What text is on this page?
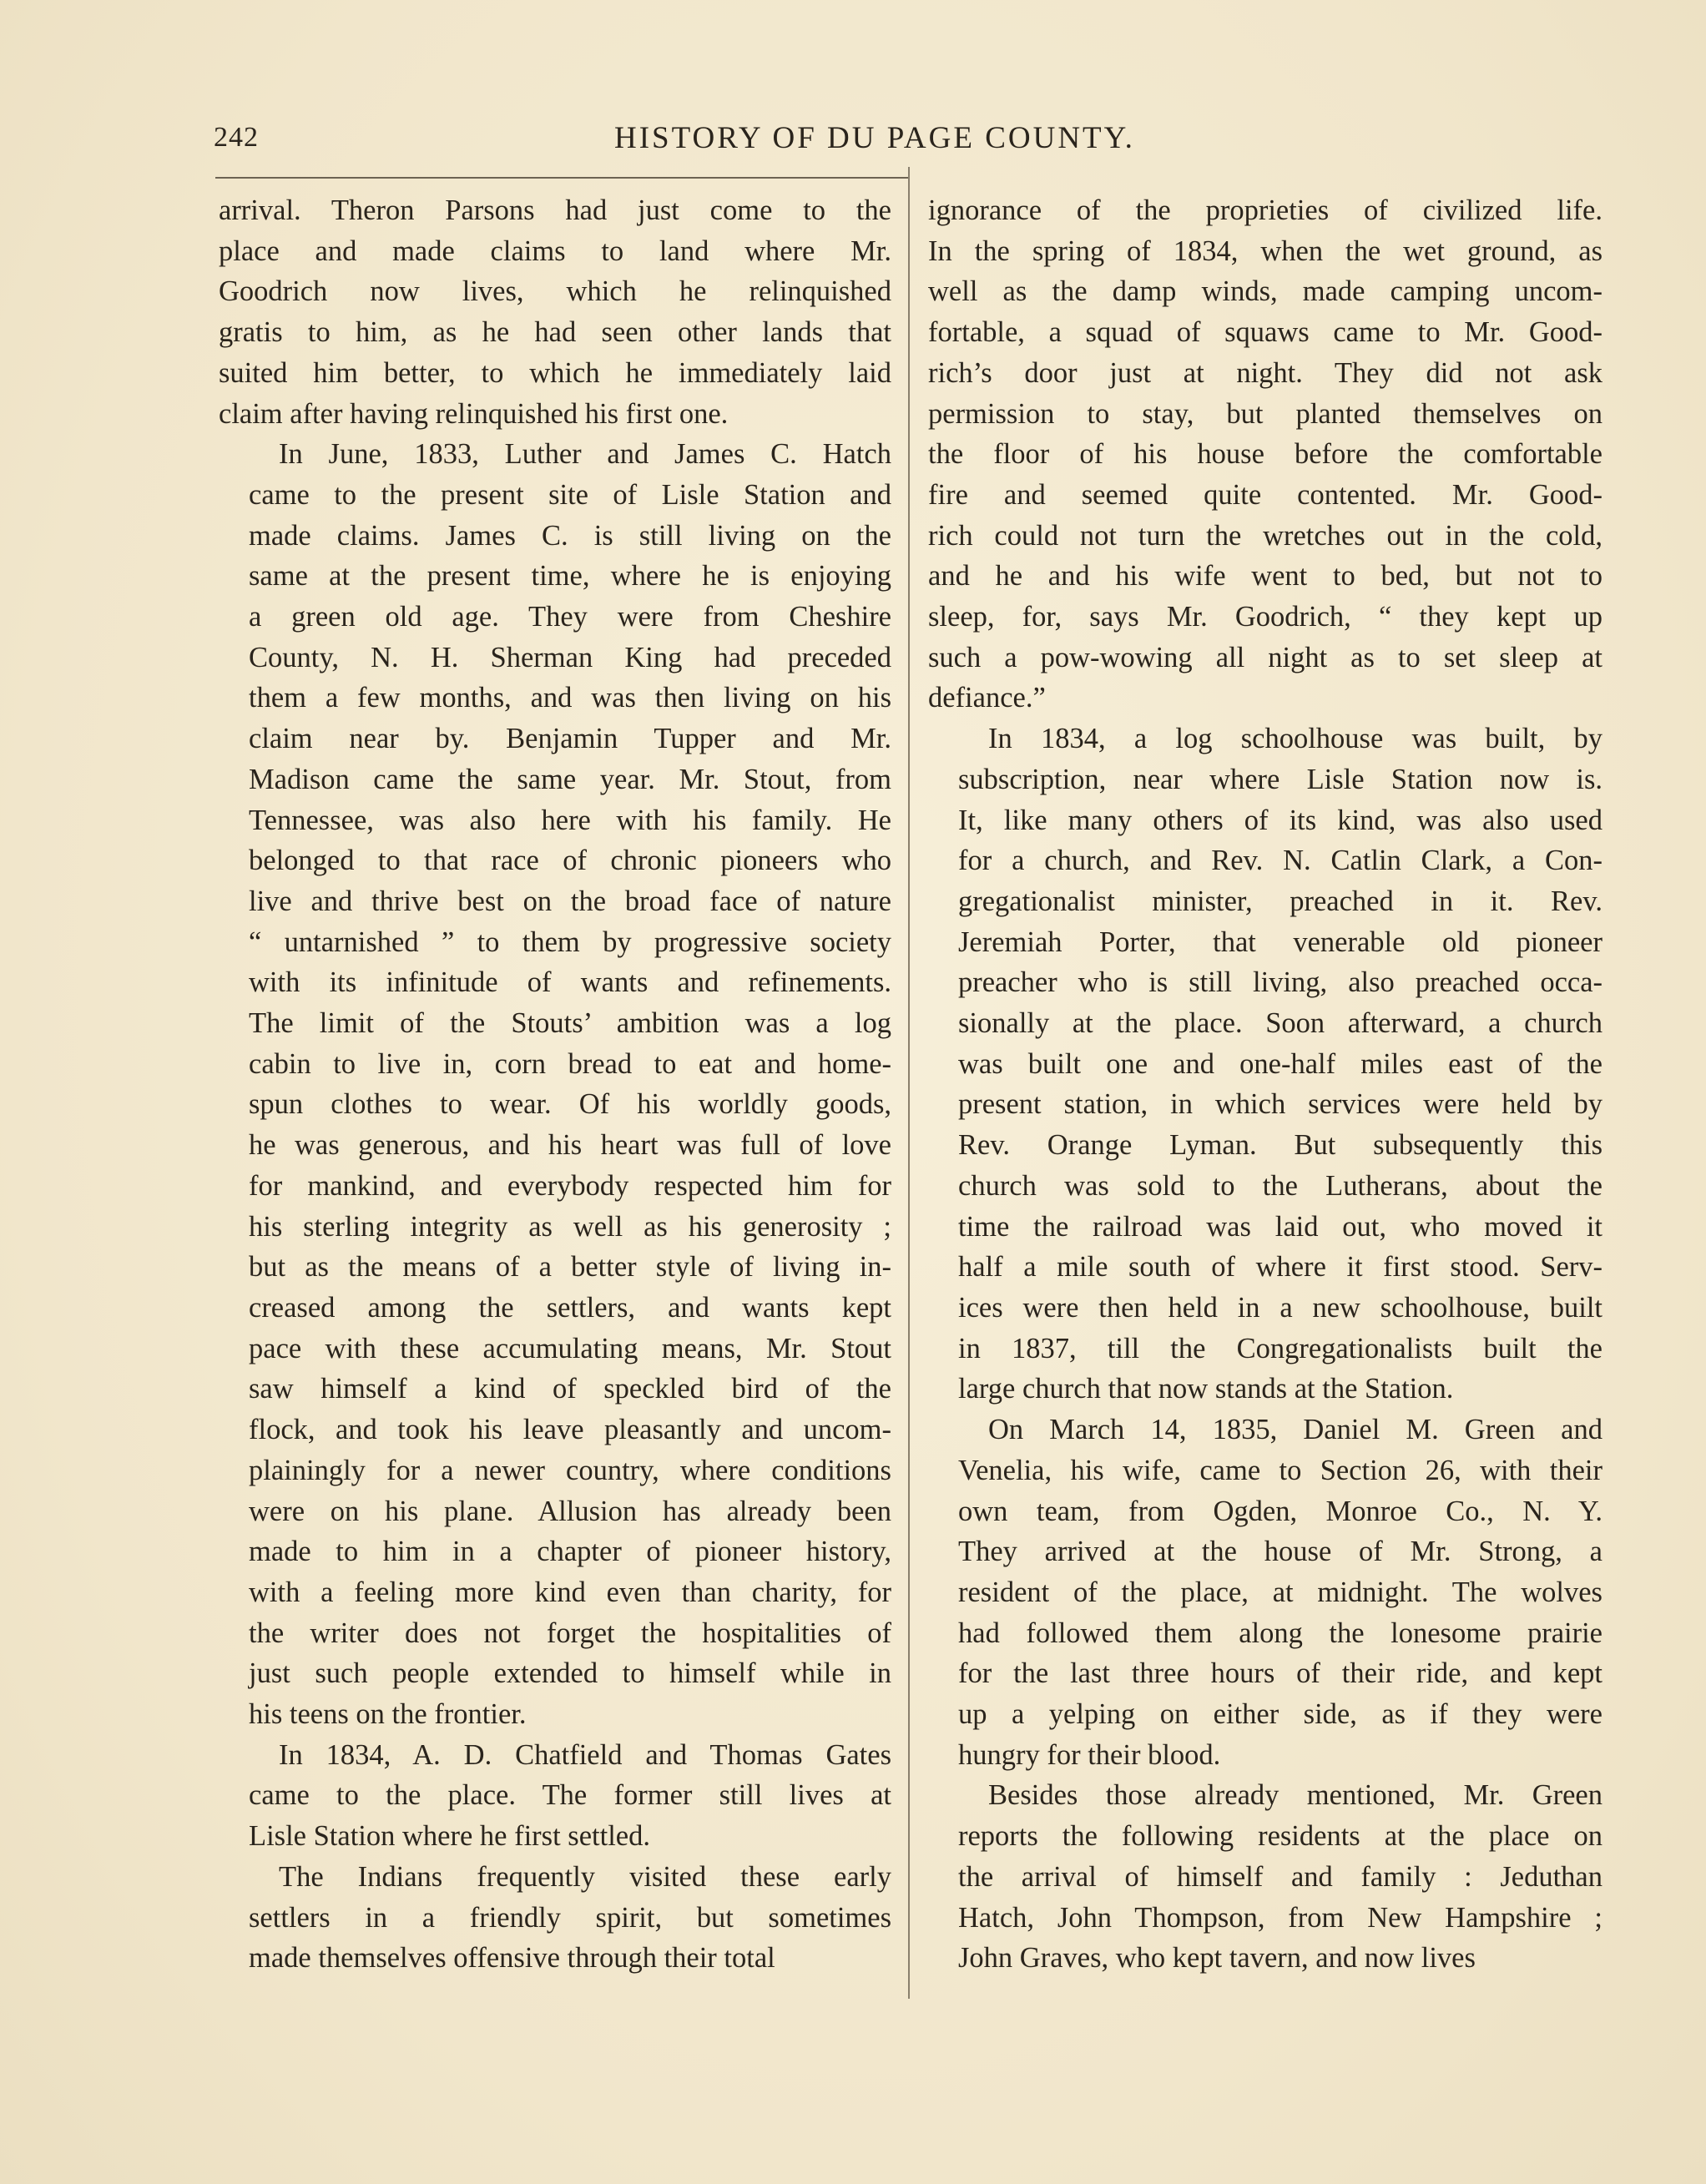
242	HISTORY OF DU PAGE COUNTY.
arrival. Theron Parsons had just come to the
place and made claims to land where Mr.
Goodrich now lives, which he relinquished
gratis to him, as he had seen other lands that
suited him better, to which he immediately laid
claim after having relinquished his first one.
In June, 1833, Luther and James C. Hatch
came to the present site of Lisle Station and
made claims. James C. is still living on the
same at the present time, where he is enjoying
a green old age. They were from Cheshire
County, N. H. Sherman King had preceded
them a few months, and was then living on his
claim near by. Benjamin Tupper and Mr.
Madison came the same year. Mr. Stout, from
Tennessee, was also here with his family. He
belonged to that race of chronic pioneers who
live and thrive best on the broad face of nature
“ untarnished ” to them by progressive society
with its infinitude of wants and refinements.
The limit of the Stouts’ ambition was a log
cabin to live in, corn bread to eat and home-
spun clothes to wear. Of his worldly goods,
he was generous, and his heart was full of love
for mankind, and everybody respected him for
his sterling integrity as well as his generosity ;
but as the means of a better style of living in-
creased among the settlers, and wants kept
pace with these accumulating means, Mr. Stout
saw himself a kind of speckled bird of the
flock, and took his leave pleasantly and uncom-
plainingly for a newer country, where conditions
were on his plane. Allusion has already been
made to him in a chapter of pioneer history,
with a feeling more kind even than charity, for
the writer does not forget the hospitalities of
just such people extended to himself while in
his teens on the frontier.
In 1834, A. D. Chatfield and Thomas Gates
came to the place. The former still lives at
Lisle Station where he first settled.
The Indians frequently visited these early
settlers in a friendly spirit, but sometimes
made themselves offensive through their total
ignorance of the proprieties of civilized life.
In the spring of 1834, when the wet ground, as
well as the damp winds, made camping uncom-
fortable, a squad of squaws came to Mr. Good-
rich’s door just at night. They did not ask
permission to stay, but planted themselves on
the floor of his house before the comfortable
fire and seemed quite contented. Mr. Good-
rich could not turn the wretches out in the cold,
and he and his wife went to bed, but not to
sleep, for, says Mr. Goodrich, “ they kept up
such a pow-wowing all night as to set sleep at
defiance.”
In 1834, a log schoolhouse was built, by
subscription, near where Lisle Station now is.
It, like many others of its kind, was also used
for a church, and Rev. N. Catlin Clark, a Con-
gregationalist minister, preached in it. Rev.
Jeremiah Porter, that venerable old pioneer
preacher who is still living, also preached occa-
sionally at the place. Soon afterward, a church
was built one and one-half miles east of the
present station, in which services were held by
Rev. Orange Lyman. But subsequently this
church was sold to the Lutherans, about the
time the railroad was laid out, who moved it
half a mile south of where it first stood. Serv-
ices were then held in a new schoolhouse, built
in 1837, till the Congregationalists built the
large church that now stands at the Station.
On March 14, 1835, Daniel M. Green and
Venelia, his wife, came to Section 26, with their
own team, from Ogden, Monroe Co., N. Y.
They arrived at the house of Mr. Strong, a
resident of the place, at midnight. The wolves
had followed them along the lonesome prairie
for the last three hours of their ride, and kept
up a yelping on either side, as if they were
hungry for their blood.
Besides those already mentioned, Mr. Green
reports the following residents at the place on
the arrival of himself and family : Jeduthan
Hatch, John Thompson, from New Hampshire ;
John Graves, who kept tavern, and now lives
